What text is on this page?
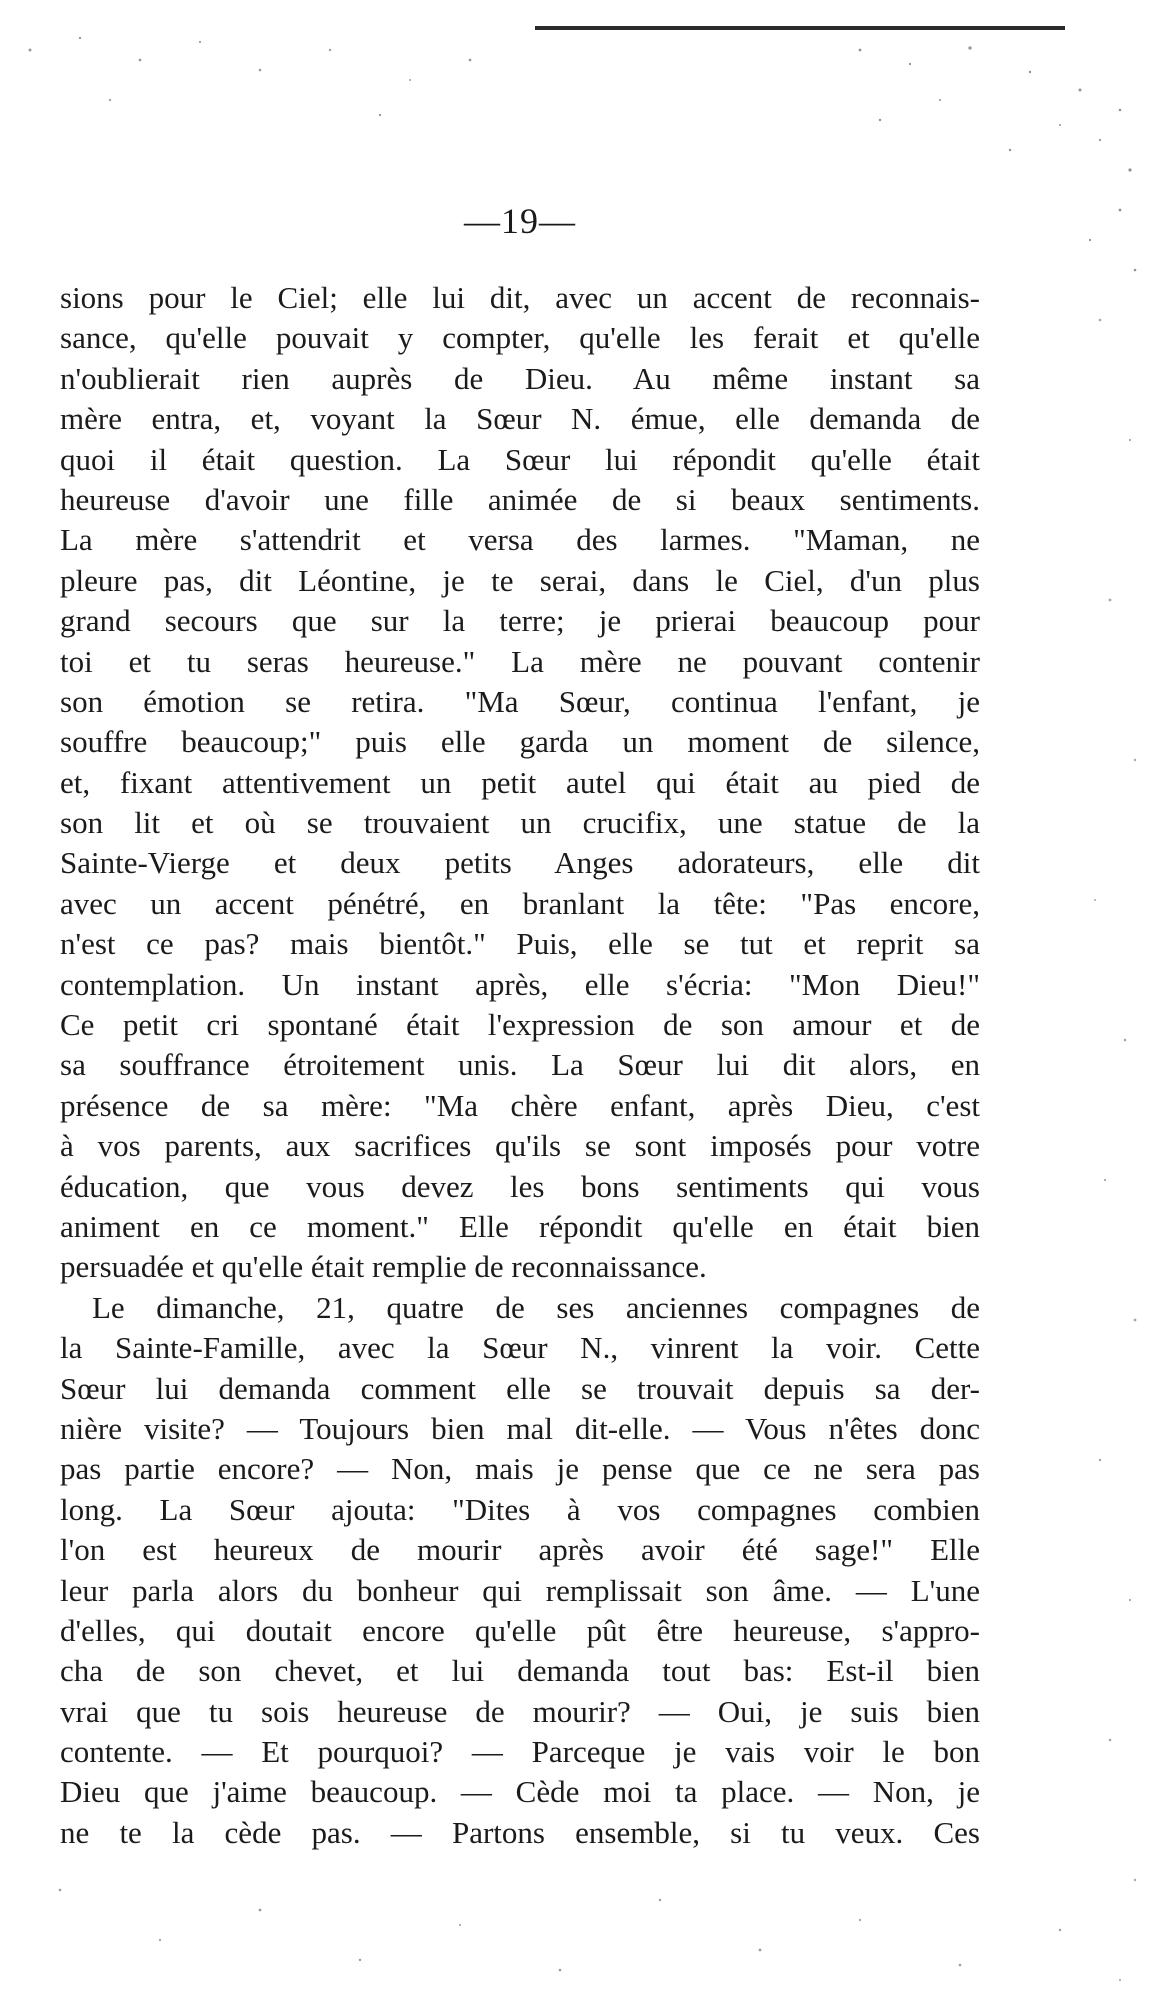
—19—
sions pour le Ciel; elle lui dit, avec un accent de reconnais-
sance, qu'elle pouvait y compter, qu'elle les ferait et qu'elle
n'oublierait rien auprès de Dieu. Au même instant sa
mère entra, et, voyant la Sœur N. émue, elle demanda de
quoi il était question. La Sœur lui répondit qu'elle était
heureuse d'avoir une fille animée de si beaux sentiments.
La mère s'attendrit et versa des larmes. "Maman, ne
pleure pas, dit Léontine, je te serai, dans le Ciel, d'un plus
grand secours que sur la terre; je prierai beaucoup pour
toi et tu seras heureuse." La mère ne pouvant contenir
son émotion se retira. "Ma Sœur, continua l'enfant, je
souffre beaucoup;" puis elle garda un moment de silence,
et, fixant attentivement un petit autel qui était au pied de
son lit et où se trouvaient un crucifix, une statue de la
Sainte-Vierge et deux petits Anges adorateurs, elle dit
avec un accent pénétré, en branlant la tête: "Pas encore,
n'est ce pas? mais bientôt." Puis, elle se tut et reprit sa
contemplation. Un instant après, elle s'écria: "Mon Dieu!"
Ce petit cri spontané était l'expression de son amour et de
sa souffrance étroitement unis. La Sœur lui dit alors, en
présence de sa mère: "Ma chère enfant, après Dieu, c'est
à vos parents, aux sacrifices qu'ils se sont imposés pour votre
éducation, que vous devez les bons sentiments qui vous
animent en ce moment." Elle répondit qu'elle en était bien
persuadée et qu'elle était remplie de reconnaissance.
Le dimanche, 21, quatre de ses anciennes compagnes de
la Sainte-Famille, avec la Sœur N., vinrent la voir. Cette
Sœur lui demanda comment elle se trouvait depuis sa der-
nière visite? — Toujours bien mal dit-elle. — Vous n'êtes donc
pas partie encore? — Non, mais je pense que ce ne sera pas
long. La Sœur ajouta: "Dites à vos compagnes combien
l'on est heureux de mourir après avoir été sage!" Elle
leur parla alors du bonheur qui remplissait son âme. — L'une
d'elles, qui doutait encore qu'elle pût être heureuse, s'appro-
cha de son chevet, et lui demanda tout bas: Est-il bien
vrai que tu sois heureuse de mourir? — Oui, je suis bien
contente. — Et pourquoi? — Parceque je vais voir le bon
Dieu que j'aime beaucoup. — Cède moi ta place. — Non, je
ne te la cède pas. — Partons ensemble, si tu veux. Ces
